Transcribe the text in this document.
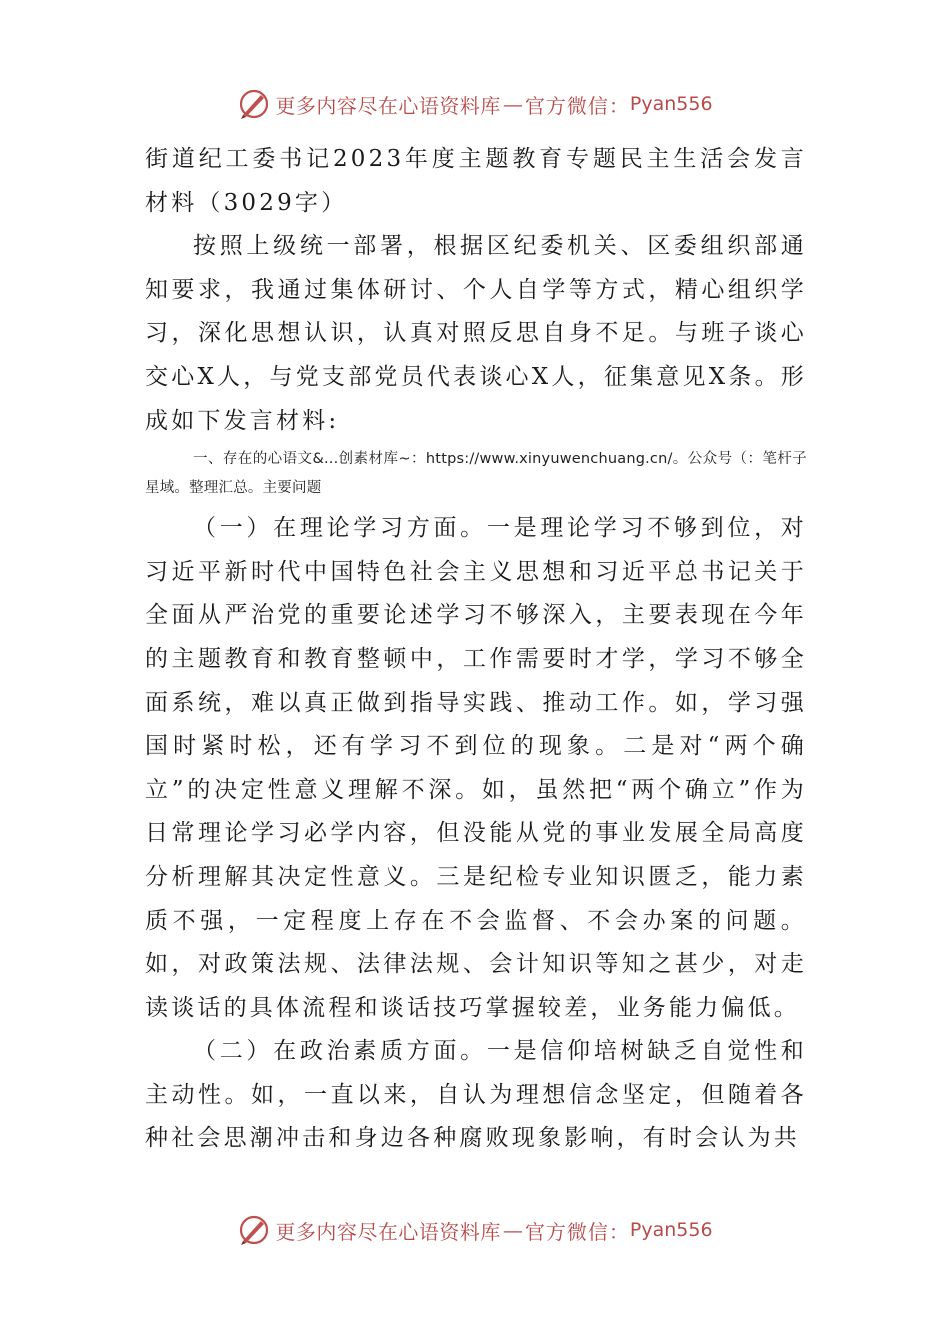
更多内容尽在心语资料库 — 官方微信： Pyan556

街道纪工委书记2023年度主题教育专题民主生活会发言材料（3029字）

按照上级统一部署，根据区纪委机关、区委组织部通知要求，我通过集体研讨、个人自学等方式，精心组织学习，深化思想认识，认真对照反思自身不足。与班子谈心交心X人，与党支部党员代表谈心X人，征集意见X条。形成如下发言材料:

一、存在的心语文&...创素材库~：https://www.xinyuwenchuang.cn/。公众号（：笔杆子星域。整理汇总。主要问题

（一）在理论学习方面。一是理论学习不够到位，对习近平新时代中国特色社会主义思想和习近平总书记关于全面从严治党的重要论述学习不够深入，主要表现在今年的主题教育和教育整顿中，工作需要时才学，学习不够全面系统，难以真正做到指导实践、推动工作。如，学习强国时紧时松，还有学习不到位的现象。二是对“两个确立”的决定性意义理解不深。如，虽然把“两个确立”作为日常理论学习必学内容，但没能从党的事业发展全局高度分析理解其决定性意义。三是纪检专业知识匮乏，能力素质不强，一定程度上存在不会监督、不会办案的问题。如，对政策法规、法律法规、会计知识等知之甚少，对走读谈话的具体流程和谈话技巧掌握较差，业务能力偏低。

（二）在政治素质方面。一是信仰培树缺乏自觉性和主动性。如，一直以来，自认为理想信念坚定，但随着各种社会思潮冲击和身边各种腐败现象影响，有时会认为共

更多内容尽在心语资料库 — 官方微信： Pyan556
